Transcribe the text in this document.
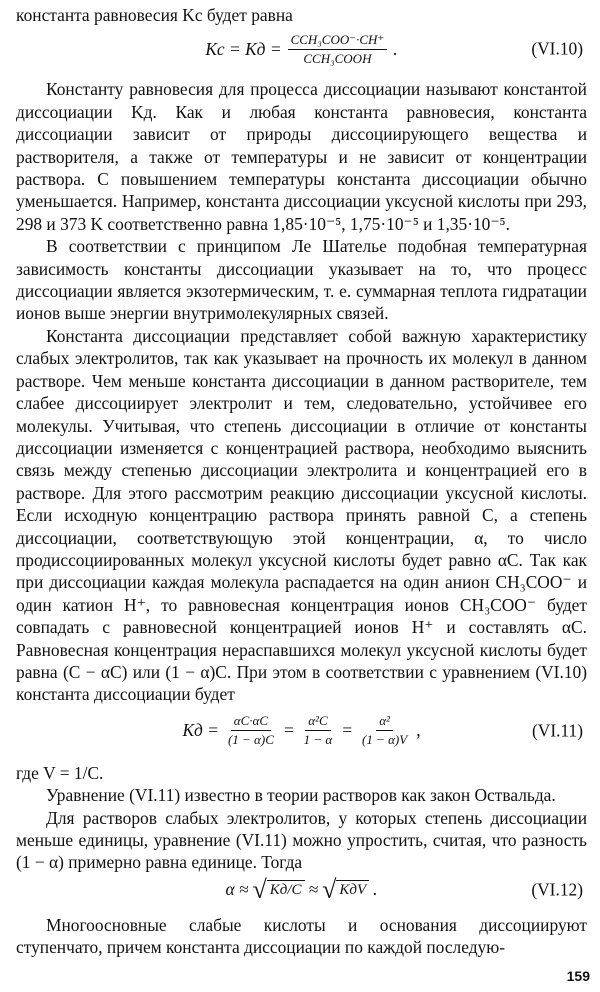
константа равновесия Kс будет равна

Kс = Kд = $\frac{\text{CCH₃COO⁻·CH⁺}}{\text{CCH₃COOH}}$ .	(VI.10)

Константу равновесия для процесса диссоциации называют константой диссоциации Kд. Как и любая константа равновесия, константа диссоциации зависит от природы диссоциирующего вещества и растворителя, а также от температуры и не зависит от концентрации раствора. С повышением температуры константа диссоциации обычно уменьшается. Например, константа диссоциации уксусной кислоты при 293, 298 и 373 K соответственно равна 1,85·10⁻⁵, 1,75·10⁻⁵ и 1,35·10⁻⁵.

В соответствии с принципом Ле Шателье подобная температурная зависимость константы диссоциации указывает на то, что процесс диссоциации является экзотермическим, т. е. суммарная теплота гидратации ионов выше энергии внутримолекулярных связей.

Константа диссоциации представляет собой важную характеристику слабых электролитов, так как указывает на прочность их молекул в данном растворе. Чем меньше константа диссоциации в данном растворителе, тем слабее диссоциирует электролит и тем, следовательно, устойчивее его молекулы. Учитывая, что степень диссоциации в отличие от константы диссоциации изменяется с концентрацией раствора, необходимо выяснить связь между степенью диссоциации электролита и концентрацией его в растворе. Для этого рассмотрим реакцию диссоциации уксусной кислоты. Если исходную концентрацию раствора принять равной C, а степень диссоциации, соответствующую этой концентрации, α, то число продиссоциированных молекул уксусной кислоты будет равно αC. Так как при диссоциации каждая молекула распадается на один анион CH₃COO⁻ и один катион H⁺, то равновесная концентрация ионов CH₃COO⁻ будет совпадать с равновесной концентрацией ионов H⁺ и составлять αC. Равновесная концентрация нераспавшихся молекул уксусной кислоты будет равна (C − αC) или (1 − α)C. При этом в соответствии с уравнением (VI.10) константа диссоциации будет

Kд = $\frac{\alpha C\cdot\alpha C}{(1 - \alpha)C} = \frac{\text{α²C}}{1 - \alpha} = \frac{\text{α²}}{(1 - \alpha)V}$ ,	(VI.11)

где V = 1/C.

Уравнение (VI.11) известно в теории растворов как закон Оствальда.

Для растворов слабых электролитов, у которых степень диссоциации меньше единицы, уравнение (VI.11) можно упростить, считая, что разность (1 − α) примерно равна единице. Тогда

α ≈ √ Kд/C ≈ √ KдV .	(VI.12)

Многоосновные слабые кислоты и основания диссоциируют ступенчато, причем константа диссоциации по каждой последую-

159
